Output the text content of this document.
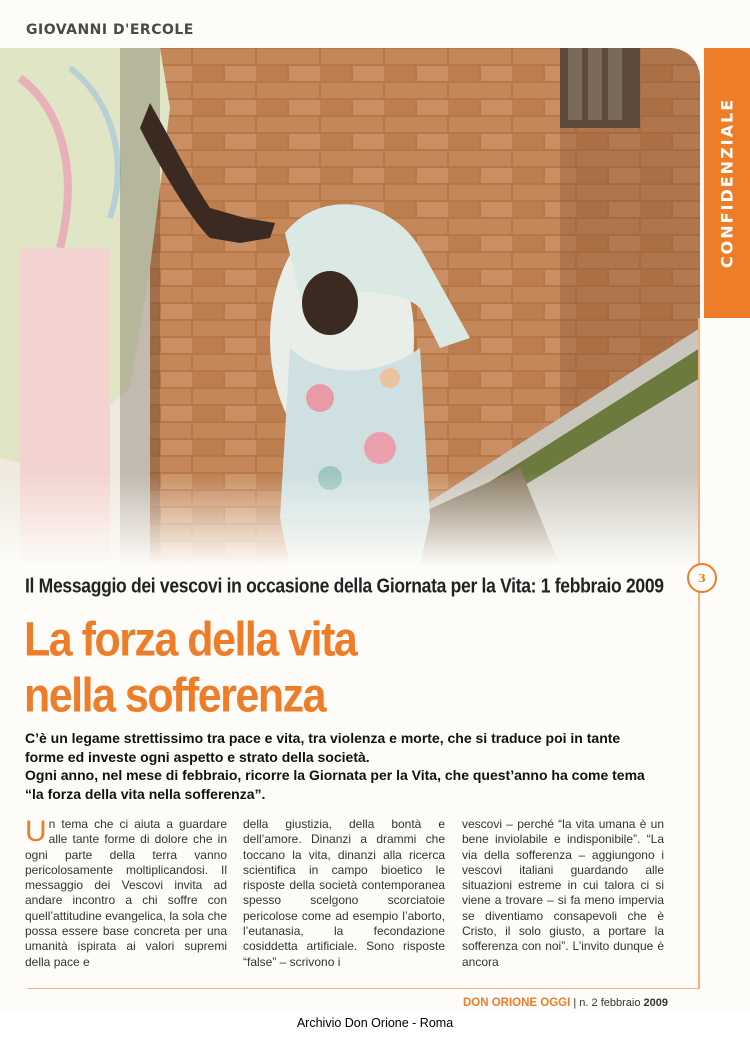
GIOVANNI D'ERCOLE
CONFIDENZIALE
3
Il Messaggio dei vescovi in occasione della Giornata per la Vita: 1 febbraio 2009
La forza della vita
nella sofferenza

C’è un legame strettissimo tra pace e vita, tra violenza e morte, che si traduce poi in tante forme ed investe ogni aspetto e strato della società.

Ogni anno, nel mese di febbraio, ricorre la Giornata per la Vita, che quest’anno ha come tema “la forza della vita nella sofferenza”.

Un tema che ci aiuta a guardare alle tante forme di dolore che in ogni parte della terra vanno pericolosamente moltiplicandosi. Il messaggio dei Vescovi invita ad andare incontro a chi soffre con quell’attitudine evangelica, la sola che possa essere base concreta per una umanità ispirata ai valori supremi della pace e
della giustizia, della bontà e dell’amore. Dinanzi a drammi che toccano la vita, dinanzi alla ricerca scientifica in campo bioetico le risposte della società contemporanea spesso scelgono scorciatoie pericolose come ad esempio l’aborto, l’eutanasia, la fecondazione cosiddetta artificiale. Sono risposte “false” – scrivono i
vescovi – perché “la vita umana è un bene inviolabile e indisponibile”. “La via della sofferenza – aggiungono i vescovi italiani guardando alle situazioni estreme in cui talora ci si viene a trovare – si fa meno impervia se diventiamo consapevoli che è Cristo, il solo giusto, a portare la sofferenza con noi”. L’invito dunque è ancora
DON ORIONE OGGI | n. 2 febbraio 2009
Archivio Don Orione - Roma
